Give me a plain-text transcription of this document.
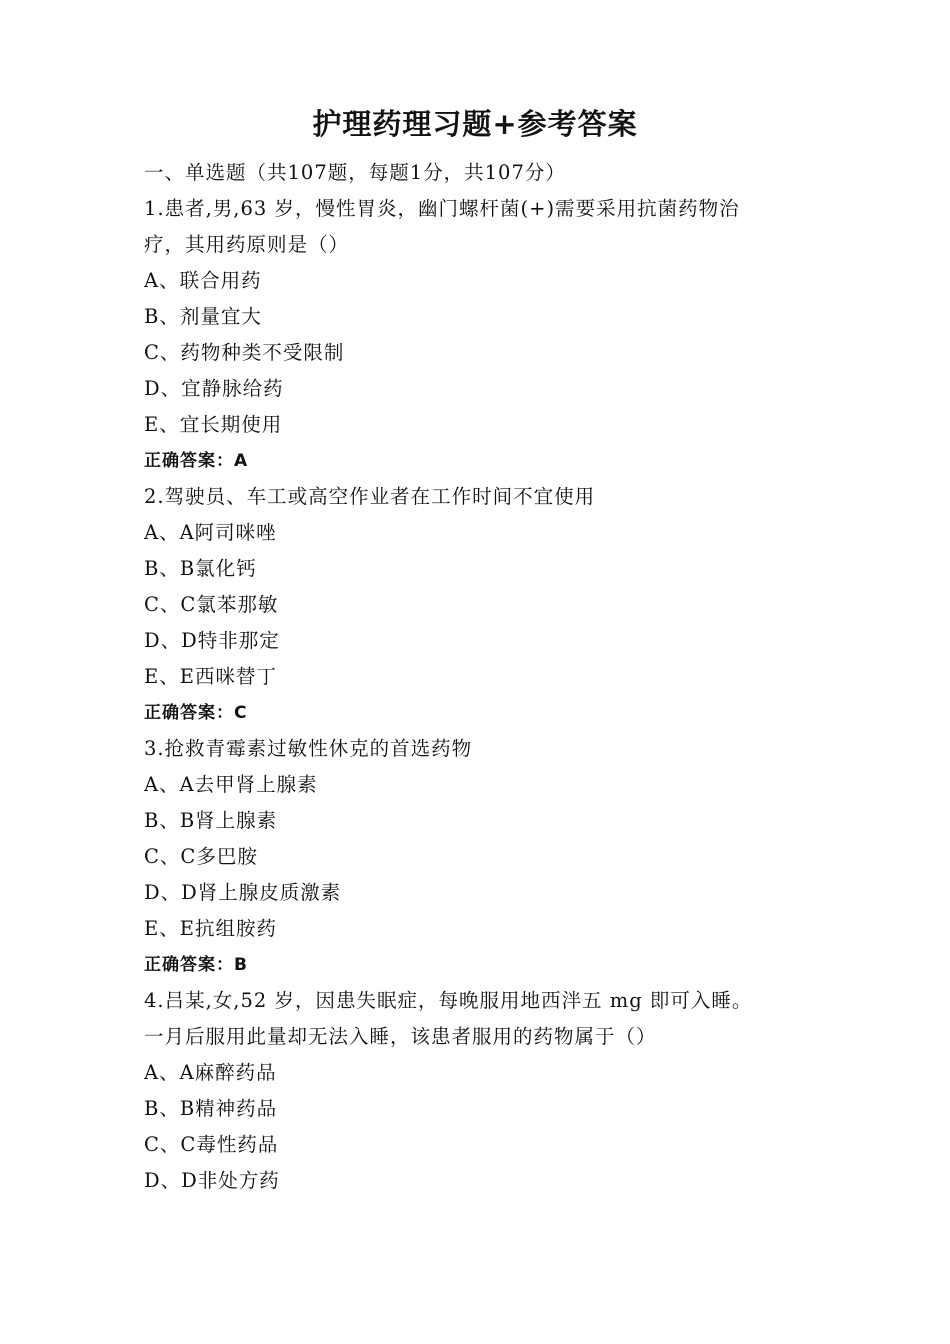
护理药理习题+参考答案
一、单选题（共107题，每题1分，共107分）
1.患者,男,63 岁，慢性胃炎，幽门螺杆菌(+)需要采用抗菌药物治
疗，其用药原则是（）
A、联合用药
B、剂量宜大
C、药物种类不受限制
D、宜静脉给药
E、宜长期使用
正确答案：A
2.驾驶员、车工或高空作业者在工作时间不宜使用
A、A阿司咪唑
B、B氯化钙
C、C氯苯那敏
D、D特非那定
E、E西咪替丁
正确答案：C
3.抢救青霉素过敏性休克的首选药物
A、A去甲肾上腺素
B、B肾上腺素
C、C多巴胺
D、D肾上腺皮质激素
E、E抗组胺药
正确答案：B
4.吕某,女,52 岁，因患失眠症，每晚服用地西泮五 mg 即可入睡。
一月后服用此量却无法入睡，该患者服用的药物属于（）
A、A麻醉药品
B、B精神药品
C、C毒性药品
D、D非处方药
